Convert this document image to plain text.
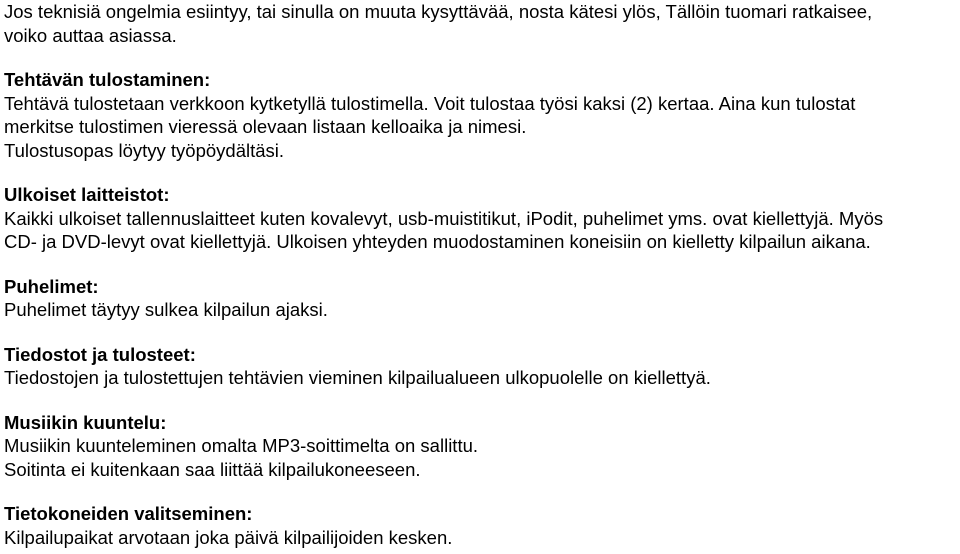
Jos teknisiä ongelmia esiintyy, tai sinulla on muuta kysyttävää, nosta kätesi ylös, Tällöin tuomari ratkaisee,
voiko auttaa asiassa.
Tehtävän tulostaminen:
Tehtävä tulostetaan verkkoon kytketyllä tulostimella. Voit tulostaa työsi kaksi (2) kertaa. Aina kun tulostat
merkitse tulostimen vieressä olevaan listaan kelloaika ja nimesi.
Tulostusopas löytyy työpöydältäsi.
Ulkoiset laitteistot:
Kaikki ulkoiset tallennuslaitteet kuten kovalevyt, usb-muistitikut, iPodit, puhelimet yms. ovat kiellettyjä. Myös
CD- ja DVD-levyt ovat kiellettyjä. Ulkoisen yhteyden muodostaminen koneisiin on kielletty kilpailun aikana.
Puhelimet:
Puhelimet täytyy sulkea kilpailun ajaksi.
Tiedostot ja tulosteet:
Tiedostojen ja tulostettujen tehtävien vieminen kilpailualueen ulkopuolelle on kiellettyä.
Musiikin kuuntelu:
Musiikin kuunteleminen omalta MP3-soittimelta on sallittu.
Soitinta ei kuitenkaan saa liittää kilpailukoneeseen.
Tietokoneiden valitseminen:
Kilpailupaikat arvotaan joka päivä kilpailijoiden kesken.
